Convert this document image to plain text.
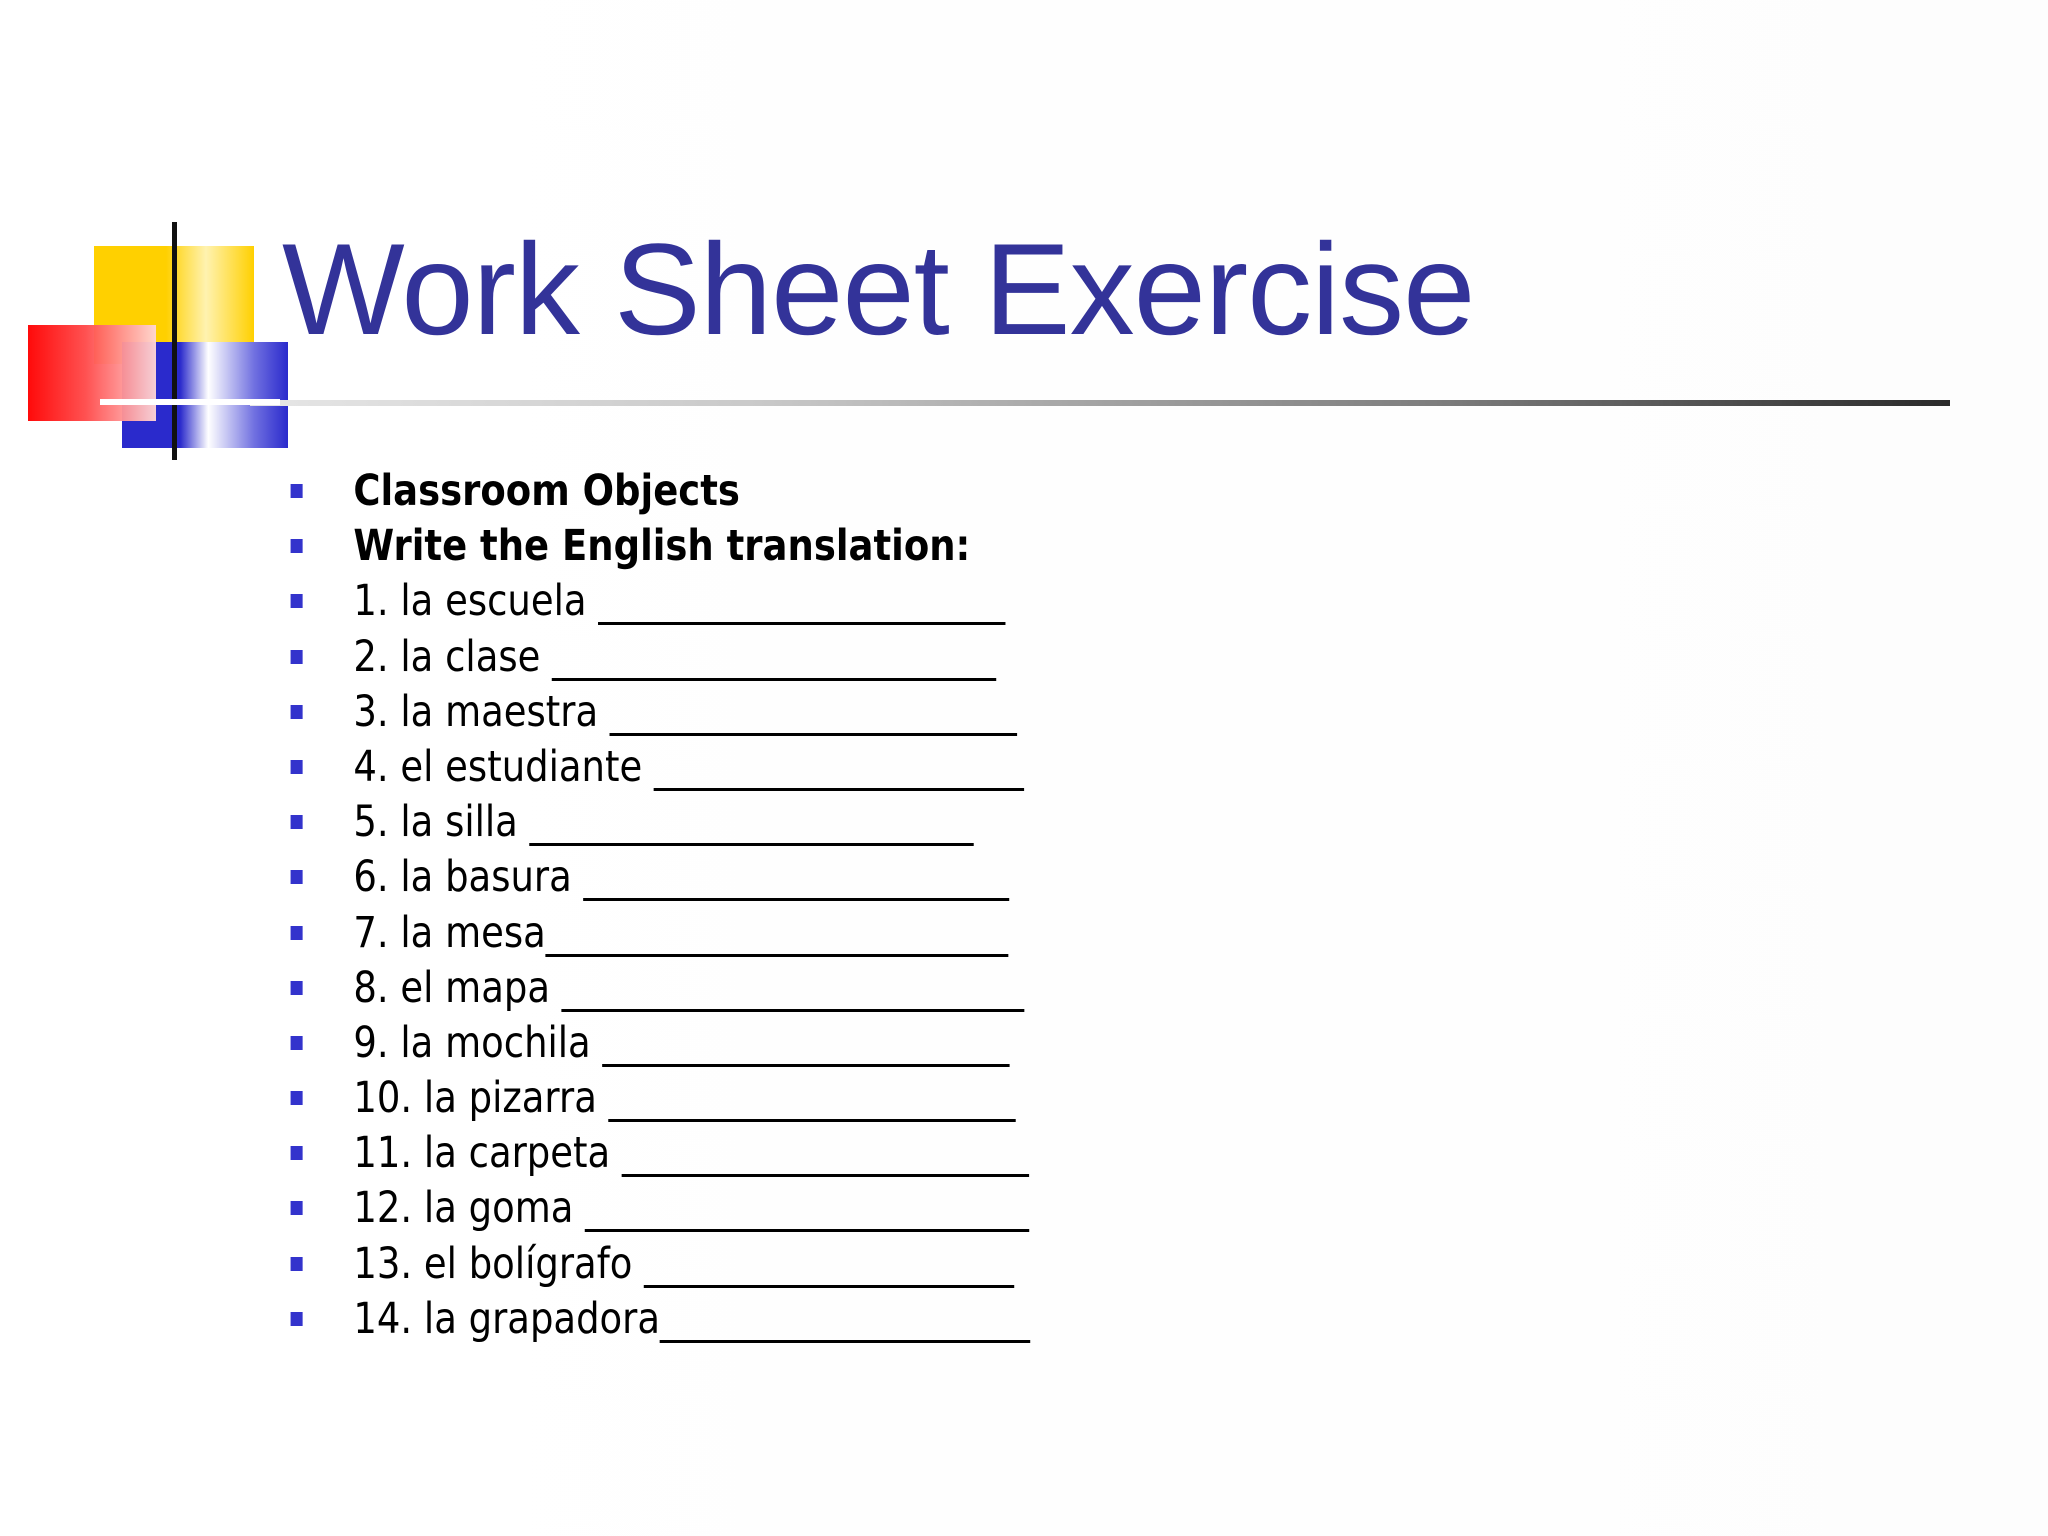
Work Sheet Exercise
Classroom Objects
Write the English translation:
1. la escuela ______________________
2. la clase ________________________
3. la maestra ______________________
4. el estudiante ____________________
5. la silla ________________________
6. la basura _______________________
7. la mesa_________________________
8. el mapa _________________________
9. la mochila ______________________
10. la pizarra ______________________
11. la carpeta ______________________
12. la goma ________________________
13. el bolígrafo ____________________
14. la grapadora____________________
